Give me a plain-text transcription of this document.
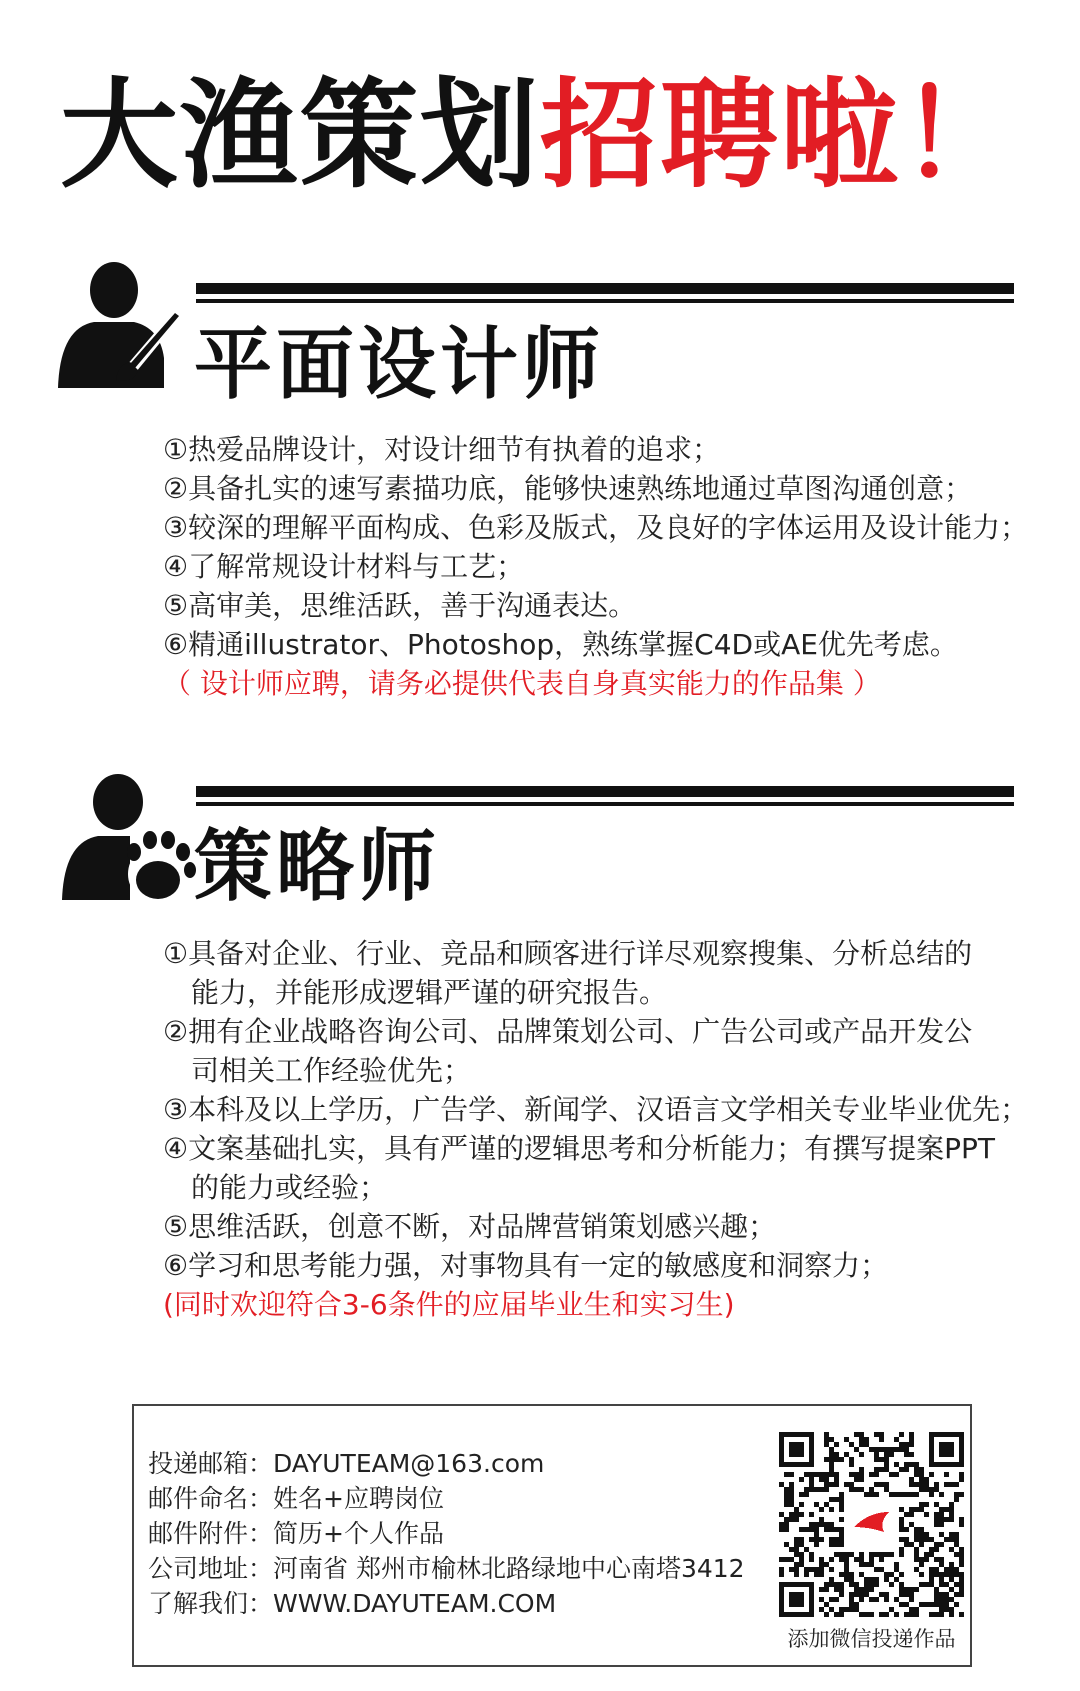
大渔策划招聘啦！
平面设计师
①热爱品牌设计，对设计细节有执着的追求；
②具备扎实的速写素描功底，能够快速熟练地通过草图沟通创意；
③较深的理解平面构成、色彩及版式，及良好的字体运用及设计能力；
④了解常规设计材料与工艺；
⑤高审美，思维活跃，善于沟通表达。
⑥精通illustrator、Photoshop，熟练掌握C4D或AE优先考虑。
（ 设计师应聘，请务必提供代表自身真实能力的作品集 ）
策略师
①具备对企业、行业、竞品和顾客进行详尽观察搜集、分析总结的
能力，并能形成逻辑严谨的研究报告。
②拥有企业战略咨询公司、品牌策划公司、广告公司或产品开发公
司相关工作经验优先；
③本科及以上学历，广告学、新闻学、汉语言文学相关专业毕业优先；
④文案基础扎实，具有严谨的逻辑思考和分析能力；有撰写提案PPT
的能力或经验；
⑤思维活跃，创意不断，对品牌营销策划感兴趣；
⑥学习和思考能力强，对事物具有一定的敏感度和洞察力；
(同时欢迎符合3-6条件的应届毕业生和实习生)
投递邮箱：DAYUTEAM@163.com
邮件命名：姓名+应聘岗位
邮件附件：简历+个人作品
公司地址：河南省 郑州市榆林北路绿地中心南塔3412
了解我们：WWW.DAYUTEAM.COM
添加微信投递作品
